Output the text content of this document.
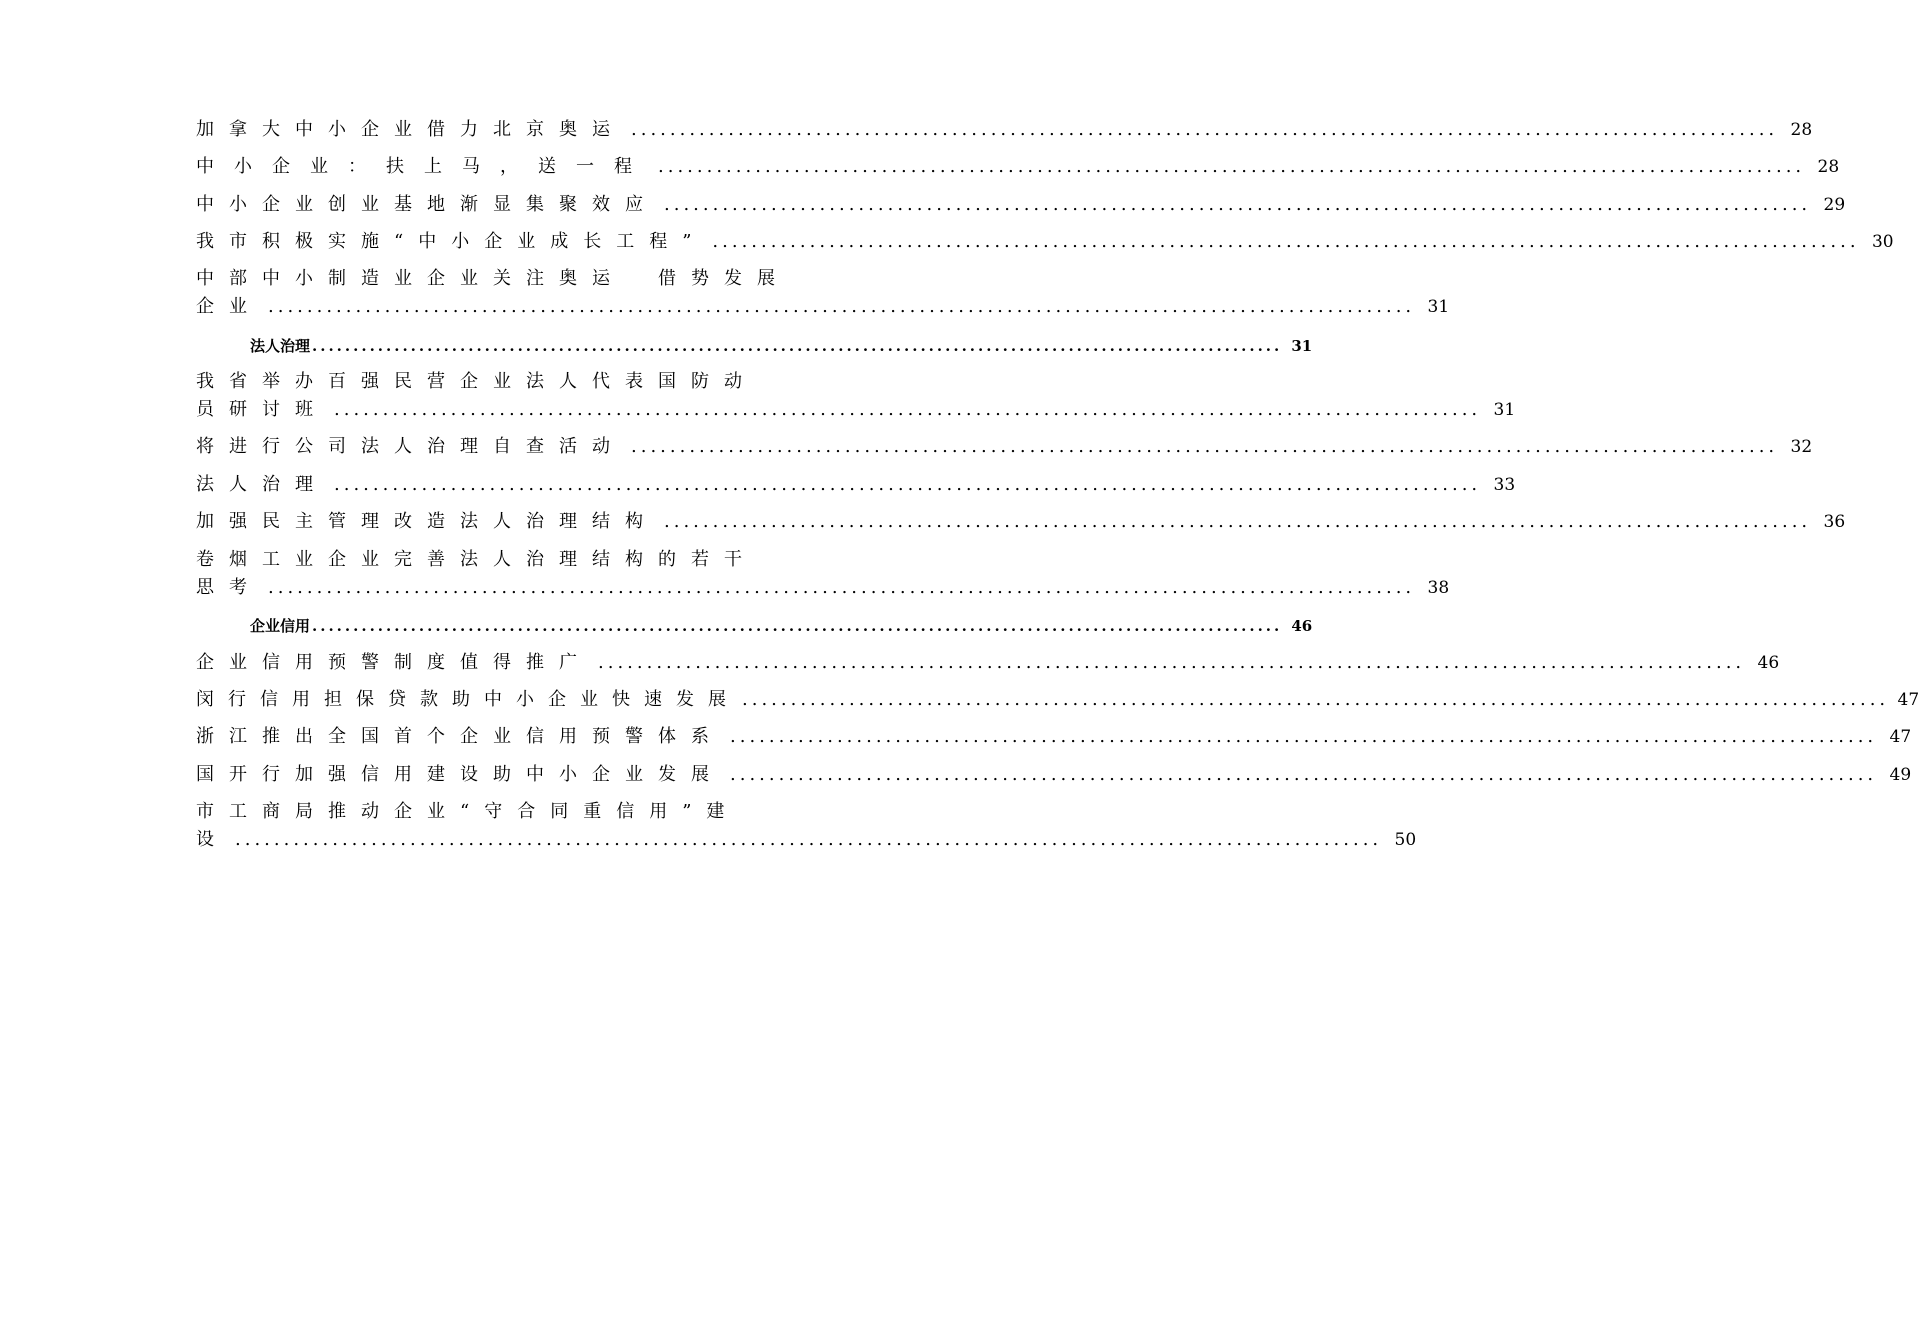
加拿大中小企业借力北京奥运 ...................................................................................................................... 28
中小企业：扶上马，送一程 ...................................................................................................................... 28
中小企业创业基地渐显集聚效应 ...................................................................................................................... 29
我市积极实施“中小企业成长工程” ...................................................................................................................... 30
中部中小制造业企业关注奥运　借势发展
企业 ...................................................................................................................... 31
法人治理 ...................................................................................................................... 31
我省举办百强民营企业法人代表国防动
员研讨班 ...................................................................................................................... 31
将进行公司法人治理自查活动 ...................................................................................................................... 32
法人治理 ...................................................................................................................... 33
加强民主管理改造法人治理结构 ...................................................................................................................... 36
卷烟工业企业完善法人治理结构的若干
思考 ...................................................................................................................... 38
企业信用 ...................................................................................................................... 46
企业信用预警制度值得推广 ...................................................................................................................... 46
闵行信用担保贷款助中小企业快速发展 ...................................................................................................................... 47
浙江推出全国首个企业信用预警体系 ...................................................................................................................... 47
国开行加强信用建设助中小企业发展 ...................................................................................................................... 49
市工商局推动企业“守合同重信用”建
设 ...................................................................................................................... 50
